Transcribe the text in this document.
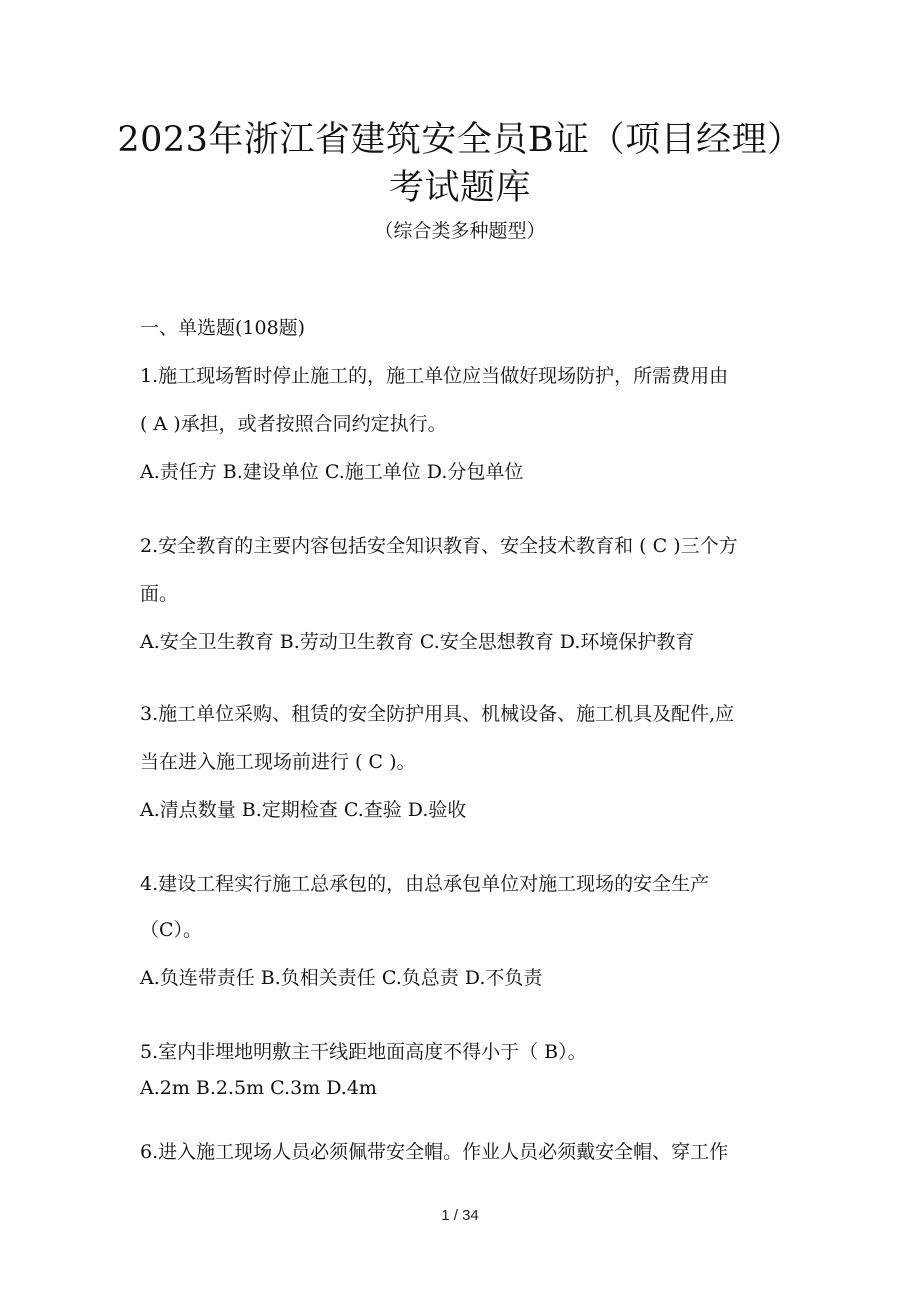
2023年浙江省建筑安全员B证（项目经理）
考试题库
（综合类多种题型）
一、单选题(108题)
1.施工现场暂时停止施工的，施工单位应当做好现场防护，所需费用由
( A )承担，或者按照合同约定执行。
A.责任方 B.建设单位 C.施工单位 D.分包单位
2.安全教育的主要内容包括安全知识教育、安全技术教育和 ( C )三个方
面。
A.安全卫生教育 B.劳动卫生教育 C.安全思想教育 D.环境保护教育
3.施工单位采购、租赁的安全防护用具、机械设备、施工机具及配件,应
当在进入施工现场前进行 ( C )。
A.清点数量 B.定期检查 C.查验 D.验收
4.建设工程实行施工总承包的，由总承包单位对施工现场的安全生产
（C）。
A.负连带责任 B.负相关责任 C.负总责 D.不负责
5.室内非埋地明敷主干线距地面高度不得小于（ B）。
A.2m B.2.5m C.3m D.4m
6.进入施工现场人员必须佩带安全帽。作业人员必须戴安全帽、穿工作
1 / 34
